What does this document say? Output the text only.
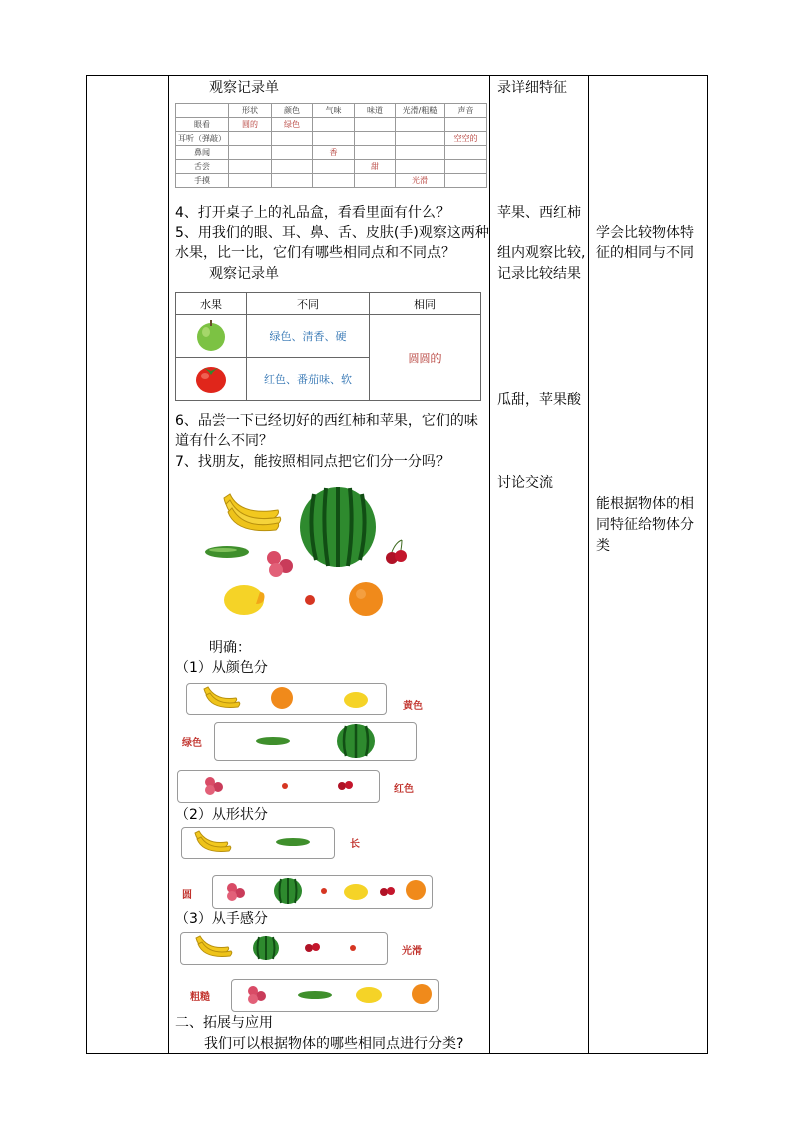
观察记录单
	形状	颜色	气味	味道	光滑/粗糙	声音
眼看	圆的	绿色				
耳听（弹敲）						空空的
鼻闻			香			
舌尝				甜		
手摸					光滑	
4、打开桌子上的礼品盒，看看里面有什么？
5、用我们的眼、耳、鼻、舌、皮肤(手)观察这两种
水果，比一比，它们有哪些相同点和不同点？
观察记录单
水果	不同	相同
	绿色、清香、硬	圆圆的
	红色、番茄味、软	
6、品尝一下已经切好的西红柿和苹果，它们的味
道有什么不同？
7、找朋友，能按照相同点把它们分一分吗？
明确：
（1）从颜色分
黄色
绿色
红色
（2）从形状分
长
圆
（3）从手感分
光滑
粗糙
二、拓展与应用
我们可以根据物体的哪些相同点进行分类?
录详细特征
苹果、西红柿
组内观察比较,
记录比较结果
瓜甜，苹果酸
讨论交流
学会比较物体特
征的相同与不同
能根据物体的相
同特征给物体分
类
